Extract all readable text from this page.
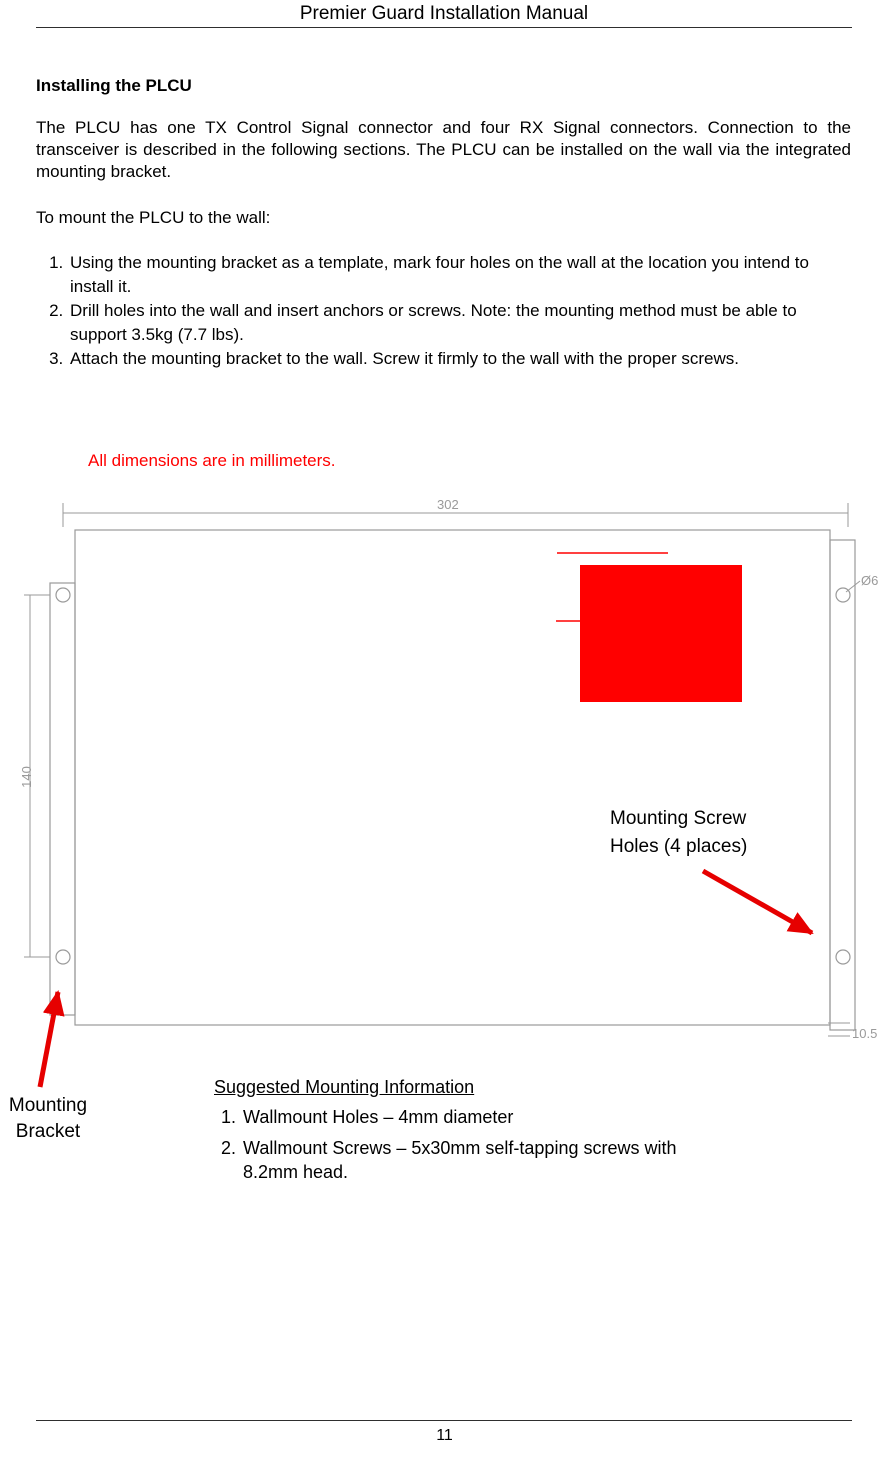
Premier Guard Installation Manual
Installing the PLCU

The PLCU has one TX Control Signal connector and four RX Signal connectors. Connection to the transceiver is described in the following sections. The PLCU can be installed on the wall via the integrated mounting bracket.

To mount the PLCU to the wall:

1. Using the mounting bracket as a template, mark four holes on the wall at the location you intend to install it.
2. Drill holes into the wall and insert anchors or screws. Note: the mounting method must be able to support 3.5kg (7.7 lbs).
3. Attach the mounting bracket to the wall. Screw it firmly to the wall with the proper screws.
All dimensions are in millimeters.
302
140
Ø6
10.5
Mounting Screw
Holes (4 places)
Mounting
Bracket
Suggested Mounting Information
1. Wallmount Holes – 4mm diameter
2. Wallmount Screws – 5x30mm self-tapping screws with 8.2mm head.
11
